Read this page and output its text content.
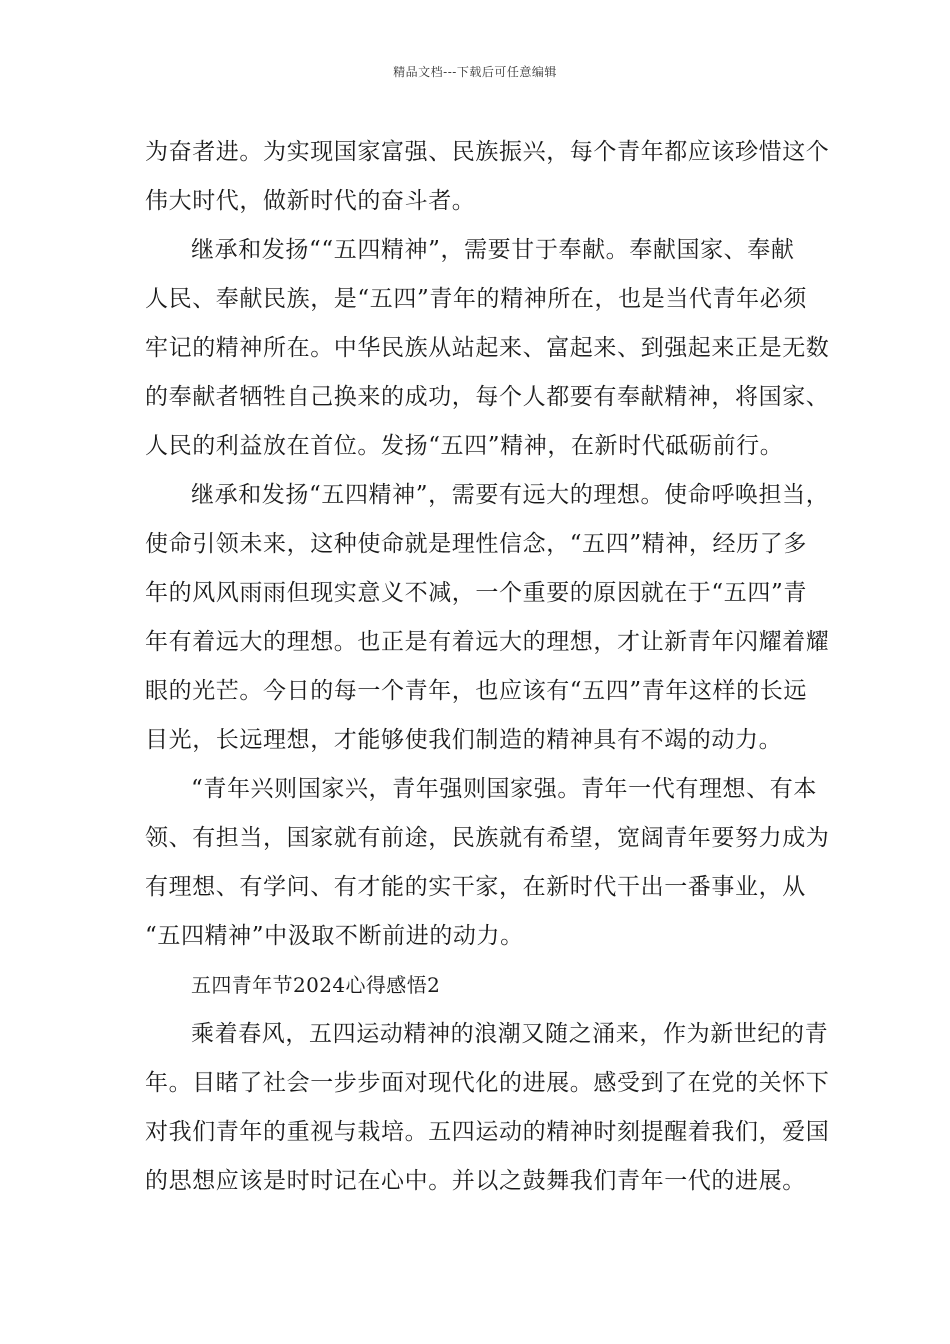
精品文档---下载后可任意编辑
为奋者进。为实现国家富强、民族振兴，每个青年都应该珍惜这个
伟大时代，做新时代的奋斗者。
继承和发扬““五四精神”，需要甘于奉献。奉献国家、奉献
人民、奉献民族，是“五四”青年的精神所在，也是当代青年必须
牢记的精神所在。中华民族从站起来、富起来、到强起来正是无数
的奉献者牺牲自己换来的成功，每个人都要有奉献精神，将国家、
人民的利益放在首位。发扬“五四”精神，在新时代砥砺前行。
继承和发扬“五四精神”，需要有远大的理想。使命呼唤担当，
使命引领未来，这种使命就是理性信念，“五四”精神，经历了多
年的风风雨雨但现实意义不减，一个重要的原因就在于“五四”青
年有着远大的理想。也正是有着远大的理想，才让新青年闪耀着耀
眼的光芒。今日的每一个青年，也应该有“五四”青年这样的长远
目光，长远理想，才能够使我们制造的精神具有不竭的动力。
“青年兴则国家兴，青年强则国家强。青年一代有理想、有本
领、有担当，国家就有前途，民族就有希望，宽阔青年要努力成为
有理想、有学问、有才能的实干家，在新时代干出一番事业，从
“五四精神”中汲取不断前进的动力。
五四青年节2024心得感悟2
乘着春风，五四运动精神的浪潮又随之涌来，作为新世纪的青
年。目睹了社会一步步面对现代化的进展。感受到了在党的关怀下
对我们青年的重视与栽培。五四运动的精神时刻提醒着我们，爱国
的思想应该是时时记在心中。并以之鼓舞我们青年一代的进展。
